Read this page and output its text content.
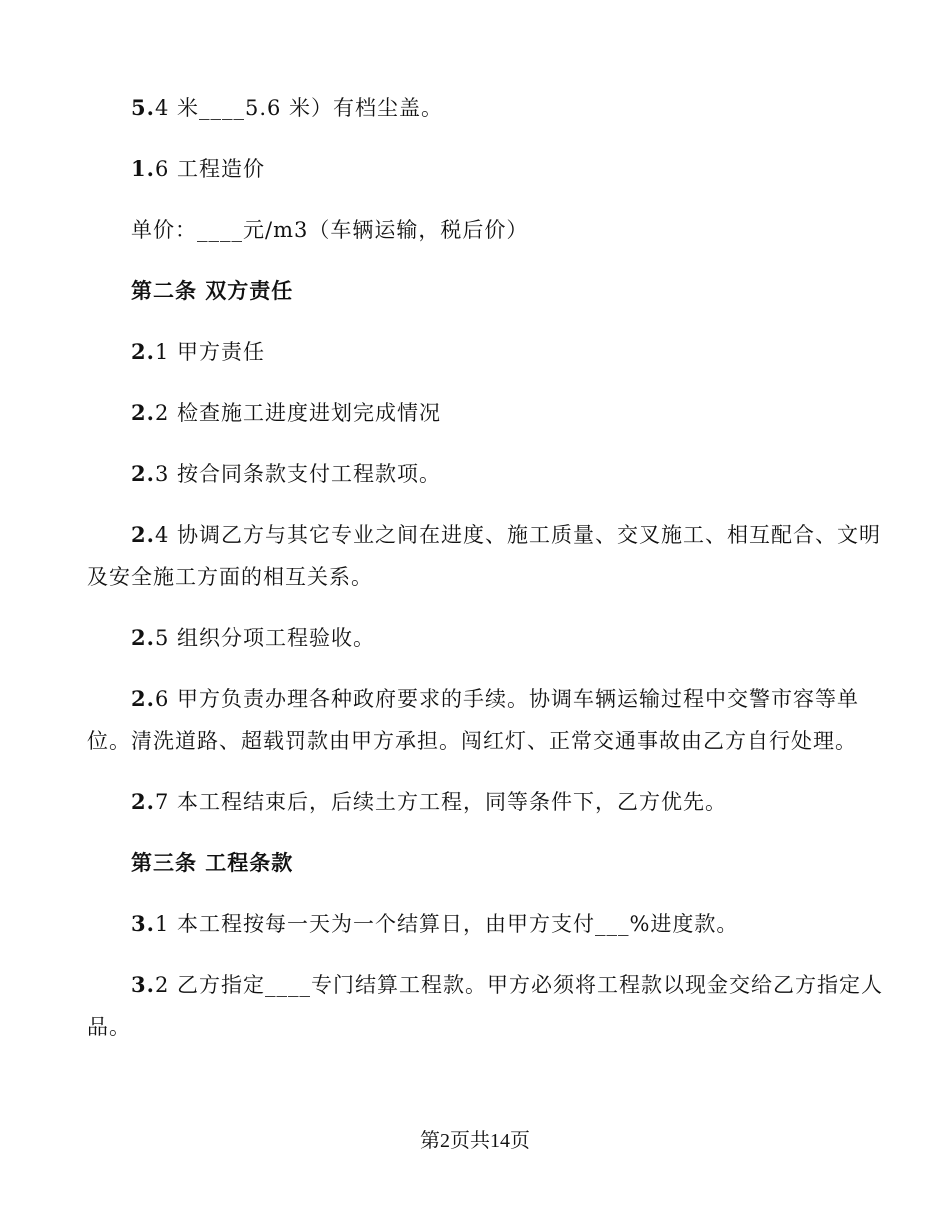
5.4 米____5.6 米）有档尘盖。
1.6 工程造价
单价：____元/m3（车辆运输，税后价）
第二条 双方责任
2.1 甲方责任
2.2 检查施工进度进划完成情况
2.3 按合同条款支付工程款项。
2.4 协调乙方与其它专业之间在进度、施工质量、交叉施工、相互配合、文明
及安全施工方面的相互关系。
2.5 组织分项工程验收。
2.6 甲方负责办理各种政府要求的手续。协调车辆运输过程中交警市容等单
位。清洗道路、超载罚款由甲方承担。闯红灯、正常交通事故由乙方自行处理。
2.7 本工程结束后，后续土方工程，同等条件下，乙方优先。
第三条 工程条款
3.1 本工程按每一天为一个结算日，由甲方支付___%进度款。
3.2 乙方指定____专门结算工程款。甲方必须将工程款以现金交给乙方指定人
品。
第2页共14页
